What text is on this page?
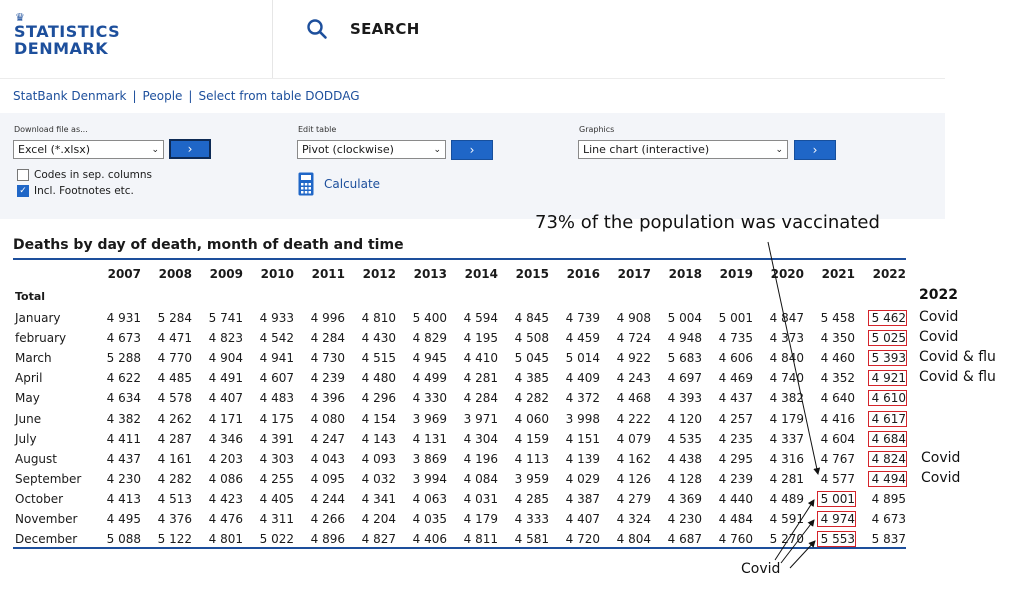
♛
STATISTICS
DENMARK
SEARCH
StatBank Denmark | People | Select from table DODDAG
Download file as...
Excel (*.xlsx)	⌄ ›
Codes in sep. columns
✓ Incl. Footnotes etc.
Edit table
Pivot (clockwise)	⌄ ›
Calculate
Graphics
Line chart (interactive)	⌄ ›
Deaths by day of death, month of death and time
2007	2008	2009	2010	2011	2012	2013	2014	2015	2016	2017	2018	2019	2020	2021	2022
Total
January	4 931	5 284	5 741	4 933	4 996	4 810	5 400	4 594	4 845	4 739	4 908	5 004	5 001	4 847	5 458	5 462
february	4 673	4 471	4 823	4 542	4 284	4 430	4 829	4 195	4 508	4 459	4 724	4 948	4 735	4 373	4 350	5 025
March	5 288	4 770	4 904	4 941	4 730	4 515	4 945	4 410	5 045	5 014	4 922	5 683	4 606	4 840	4 460	5 393
April	4 622	4 485	4 491	4 607	4 239	4 480	4 499	4 281	4 385	4 409	4 243	4 697	4 469	4 740	4 352	4 921
May	4 634	4 578	4 407	4 483	4 396	4 296	4 330	4 284	4 282	4 372	4 468	4 393	4 437	4 382	4 640	4 610
June	4 382	4 262	4 171	4 175	4 080	4 154	3 969	3 971	4 060	3 998	4 222	4 120	4 257	4 179	4 416	4 617
July	4 411	4 287	4 346	4 391	4 247	4 143	4 131	4 304	4 159	4 151	4 079	4 535	4 235	4 337	4 604	4 684
August	4 437	4 161	4 203	4 303	4 043	4 093	3 869	4 196	4 113	4 139	4 162	4 438	4 295	4 316	4 767	4 824
September	4 230	4 282	4 086	4 255	4 095	4 032	3 994	4 084	3 959	4 029	4 126	4 128	4 239	4 281	4 577	4 494
October	4 413	4 513	4 423	4 405	4 244	4 341	4 063	4 031	4 285	4 387	4 279	4 369	4 440	4 489	5 001	4 895
November	4 495	4 376	4 476	4 311	4 266	4 204	4 035	4 179	4 333	4 407	4 324	4 230	4 484	4 591	4 974	4 673
December	5 088	5 122	4 801	5 022	4 896	4 827	4 406	4 811	4 581	4 720	4 804	4 687	4 760	5 270	5 553	5 837
73% of the population was vaccinated
2022
Covid
Covid
Covid
Covid & flu
Covid & flu
Covid
Covid
